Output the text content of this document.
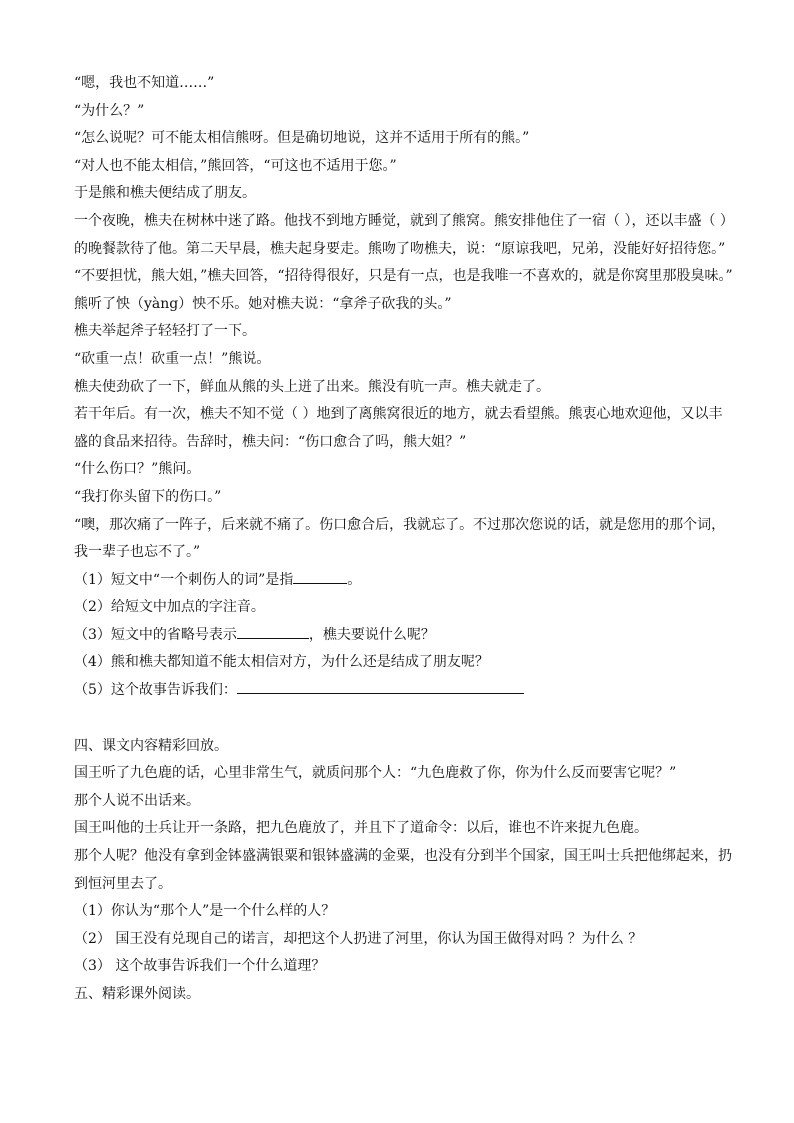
“嗯，我也不知道……”

“为什么？”

“怎么说呢？可不能太相信熊呀。但是确切地说，这并不适用于所有的熊。”

“对人也不能太相信，”熊回答，“可这也不适用于您。”

于是熊和樵夫便结成了朋友。

一个夜晚，樵夫在树林中迷了路。他找不到地方睡觉，就到了熊窝。熊安排他住了一宿（ ），还以丰盛（ ）的晚餐款待了他。第二天早晨，樵夫起身要走。熊吻了吻樵夫，说：“原谅我吧，兄弟，没能好好招待您。”

“不要担忧，熊大姐，”樵夫回答，“招待得很好，只是有一点，也是我唯一不喜欢的，就是你窝里那股臭味。”

熊听了怏（yàng）怏不乐。她对樵夫说：“拿斧子砍我的头。”

樵夫举起斧子轻轻打了一下。

“砍重一点！砍重一点！”熊说。

樵夫使劲砍了一下，鲜血从熊的头上迸了出来。熊没有吭一声。樵夫就走了。

若干年后。有一次，樵夫不知不觉（ ）地到了离熊窝很近的地方，就去看望熊。熊衷心地欢迎他，又以丰盛的食品来招待。告辞时，樵夫问：“伤口愈合了吗，熊大姐？”

“什么伤口？”熊问。

“我打你头留下的伤口。”

“噢，那次痛了一阵子，后来就不痛了。伤口愈合后，我就忘了。不过那次您说的话，就是您用的那个词，我一辈子也忘不了。”

（1）短文中“一个刺伤人的词”是指	。

（2）给短文中加点的字注音。

（3）短文中的省略号表示	，樵夫要说什么呢？

（4）熊和樵夫都知道不能太相信对方，为什么还是结成了朋友呢？

（5）这个故事告诉我们：

四、课文内容精彩回放。

国王听了九色鹿的话，心里非常生气，就质问那个人：“九色鹿救了你，你为什么反而要害它呢？”

那个人说不出话来。

国王叫他的士兵让开一条路，把九色鹿放了，并且下了道命令：以后，谁也不许来捉九色鹿。

那个人呢？他没有拿到金钵盛满银粟和银钵盛满的金粟，也没有分到半个国家，国王叫士兵把他绑起来，扔到恒河里去了。

（1）你认为“那个人”是一个什么样的人？

（2） 国王没有兑现自己的诺言，却把这个人扔进了河里，你认为国王做得对吗 ？为什么 ？

（3） 这个故事告诉我们一个什么道理？

五、精彩课外阅读。
